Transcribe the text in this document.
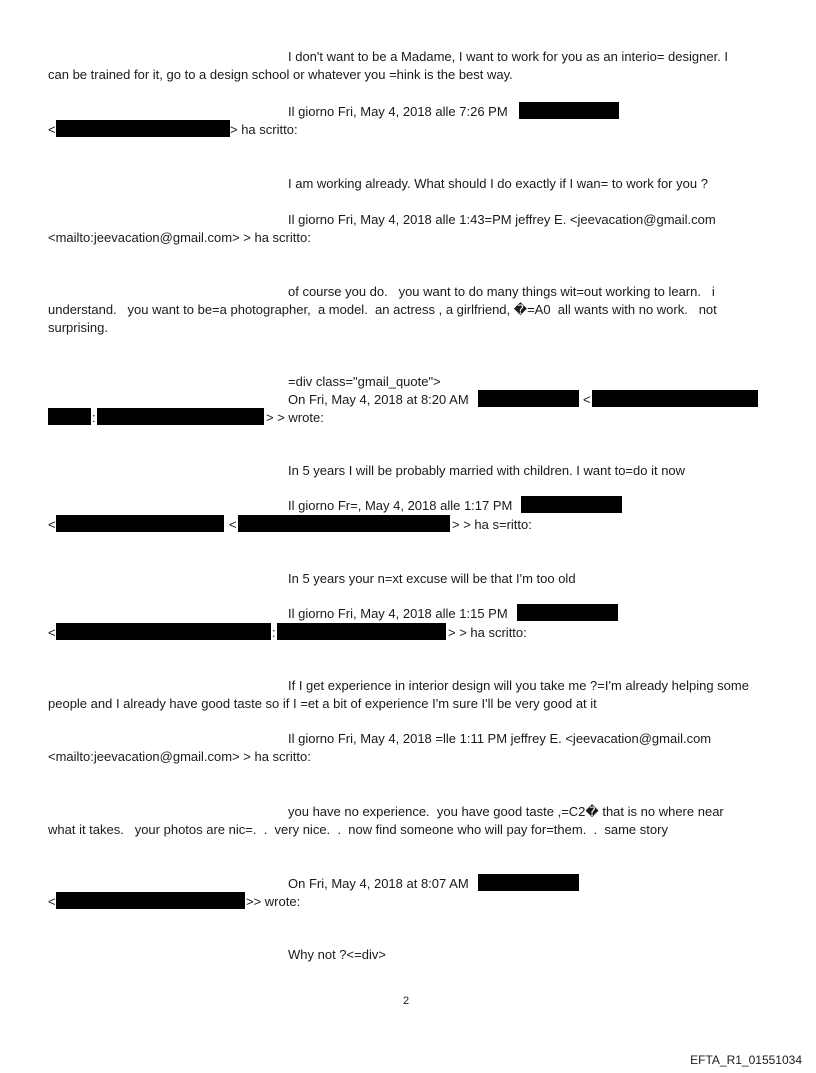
I don't want to be a Madame, I want to work for you as an interio= designer. I
can be trained for it, go to a design school or whatever you =hink is the best way.
Il giorno Fri, May 4, 2018 alle 7:26 PM
<	> ha scritto:
I am working already. What should I do exactly if I wan= to work for you ?
Il giorno Fri, May 4, 2018 alle 1:43=PM jeffrey E. <jeevacation@gmail.com
<mailto:jeevacation@gmail.com> > ha scritto:
of course you do.   you want to do many things wit=out working to learn.   i
understand.   you want to be=a photographer,  a model.  an actress , a girlfriend, �=A0  all wants with no work.   not
surprising.
=div class="gmail_quote">
On Fri, May 4, 2018 at 8:20 AM	<
:	> > wrote:
In 5 years I will be probably married with children. I want to=do it now
Il giorno Fr=, May 4, 2018 alle 1:17 PM
<	<	> > ha s=ritto:
In 5 years your n=xt excuse will be that I'm too old
Il giorno Fri, May 4, 2018 alle 1:15 PM
<	:	> > ha scritto:
If I get experience in interior design will you take me ?=I'm already helping some
people and I already have good taste so if I =et a bit of experience I'm sure I'll be very good at it
Il giorno Fri, May 4, 2018 =lle 1:11 PM jeffrey E. <jeevacation@gmail.com
<mailto:jeevacation@gmail.com> > ha scritto:
you have no experience.  you have good taste ,=C2� that is no where near
what it takes.   your photos are nic=.  .  very nice.  .  now find someone who will pay for=them.  .  same story
On Fri, May 4, 2018 at 8:07 AM
<	>> wrote:
Why not ?<=div>
2
EFTA_R1_01551034
